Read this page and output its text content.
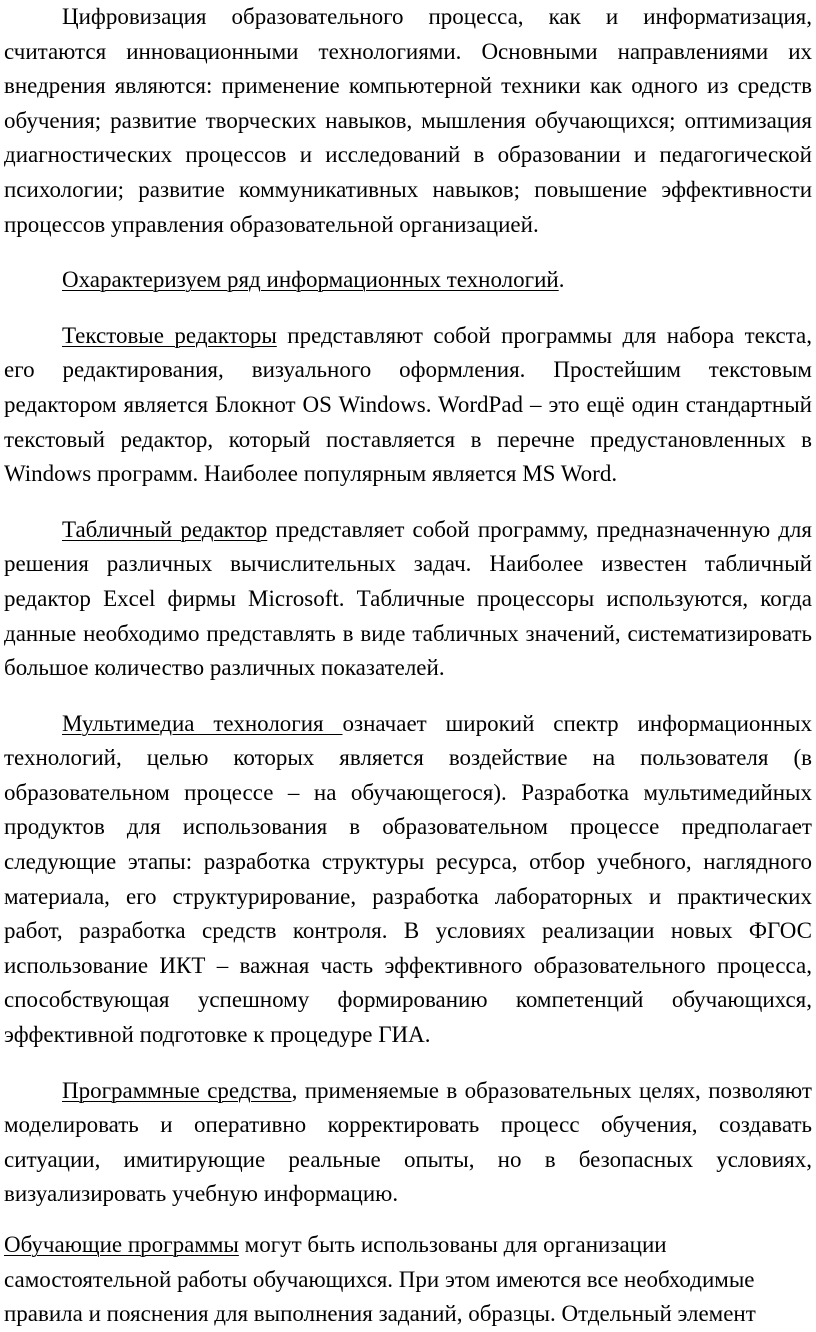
Цифровизация образовательного процесса, как и информатизация, считаются инновационными технологиями. Основными направлениями их внедрения являются: применение компьютерной техники как одного из средств обучения; развитие творческих навыков, мышления обучающихся; оптимизация диагностических процессов и исследований в образовании и педагогической психологии; развитие коммуникативных навыков; повышение эффективности процессов управления образовательной организацией.

Охарактеризуем ряд информационных технологий.

Текстовые редакторы представляют собой программы для набора текста, его редактирования, визуального оформления. Простейшим текстовым редактором является Блокнот OS Windows. WordPad – это ещё один стандартный текстовый редактор, который поставляется в перечне предустановленных в Windows программ. Наиболее популярным является MS Word.

Табличный редактор представляет собой программу, предназначенную для решения различных вычислительных задач. Наиболее известен табличный редактор Excel фирмы Microsoft. Табличные процессоры используются, когда данные необходимо представлять в виде табличных значений, систематизировать большое количество различных показателей.

Мультимедиа технология означает широкий спектр информационных технологий, целью которых является воздействие на пользователя (в образовательном процессе – на обучающегося). Разработка мультимедийных продуктов для использования в образовательном процессе предполагает следующие этапы: разработка структуры ресурса, отбор учебного, наглядного материала, его структурирование, разработка лабораторных и практических работ, разработка средств контроля. В условиях реализации новых ФГОС использование ИКТ – важная часть эффективного образовательного процесса, способствующая успешному формированию компетенций обучающихся, эффективной подготовке к процедуре ГИА.

Программные средства, применяемые в образовательных целях, позволяют моделировать и оперативно корректировать процесс обучения, создавать ситуации, имитирующие реальные опыты, но в безопасных условиях, визуализировать учебную информацию.

Обучающие программы могут быть использованы для организации
самостоятельной работы обучающихся. При этом имеются все необходимые
правила и пояснения для выполнения заданий, образцы. Отдельный элемент
